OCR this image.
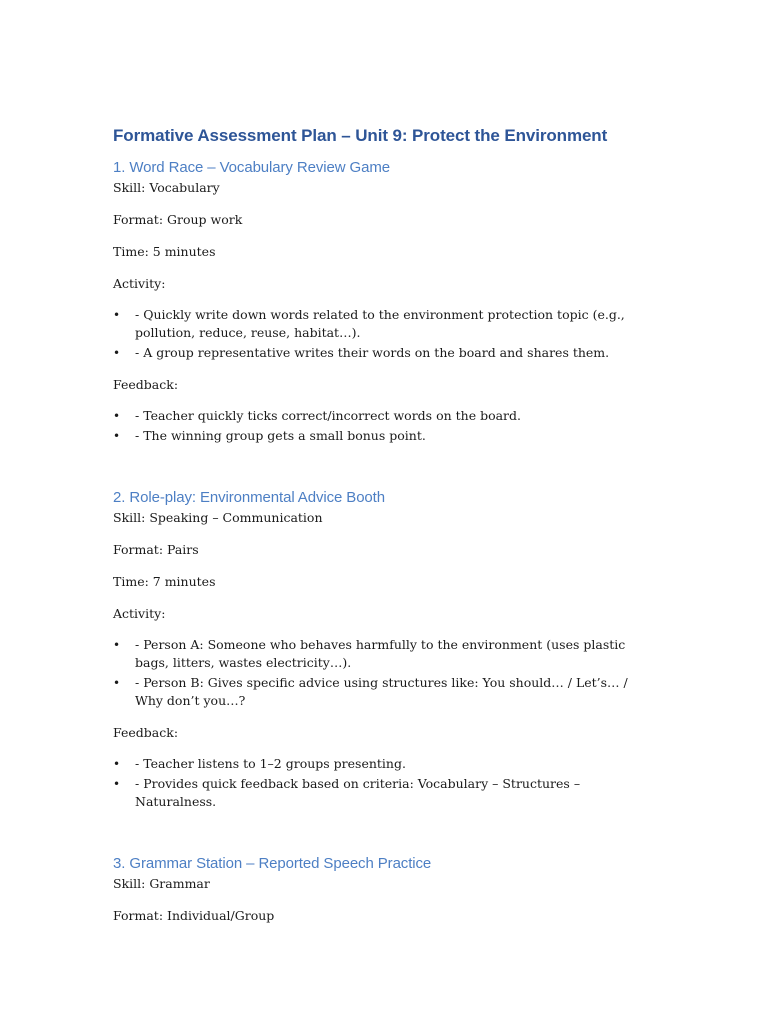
Formative Assessment Plan – Unit 9: Protect the Environment
1. Word Race – Vocabulary Review Game

Skill: Vocabulary

Format: Group work

Time: 5 minutes

Activity:

• - Quickly write down words related to the environment protection topic (e.g., pollution, reduce, reuse, habitat…).
• - A group representative writes their words on the board and shares them.

Feedback:

• - Teacher quickly ticks correct/incorrect words on the board.
• - The winning group gets a small bonus point.
2. Role-play: Environmental Advice Booth

Skill: Speaking – Communication

Format: Pairs

Time: 7 minutes

Activity:

• - Person A: Someone who behaves harmfully to the environment (uses plastic bags, litters, wastes electricity…).
• - Person B: Gives specific advice using structures like: You should… / Let’s… / Why don’t you…?

Feedback:

• - Teacher listens to 1–2 groups presenting.
• - Provides quick feedback based on criteria: Vocabulary – Structures – Naturalness.
3. Grammar Station – Reported Speech Practice

Skill: Grammar

Format: Individual/Group
